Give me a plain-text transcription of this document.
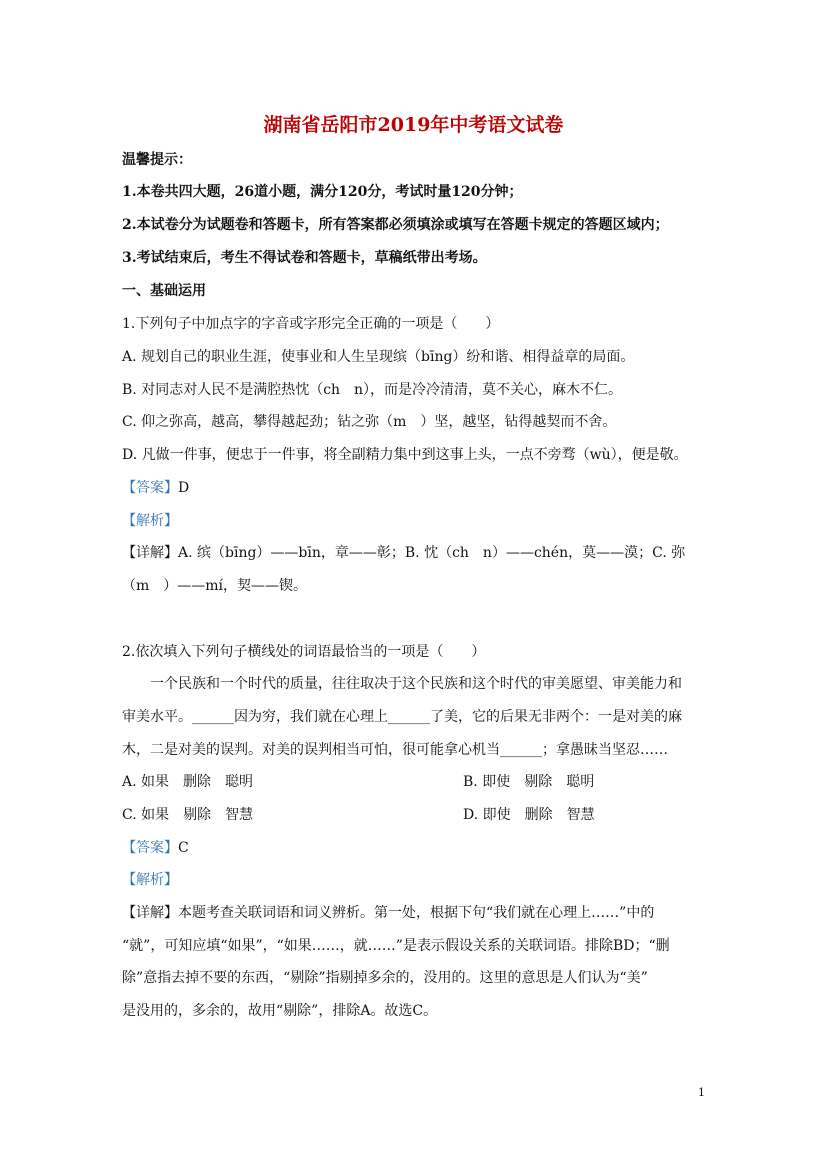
湖南省岳阳市2019年中考语文试卷
温馨提示：
1.本卷共四大题，26道小题，满分120分，考试时量120分钟；
2.本试卷分为试题卷和答题卡，所有答案都必须填涂或填写在答题卡规定的答题区域内；
3.考试结束后，考生不得试卷和答题卡，草稿纸带出考场。
一、基础运用
1.下列句子中加点字的字音或字形完全正确的一项是（　　）
A. 规划自己的职业生涯，使事业和人生呈现缤（bīng）纷和谐、相得益章的局面。
B. 对同志对人民不是满腔热忱（ch　n），而是冷冷清清，莫不关心，麻木不仁。
C. 仰之弥高，越高，攀得越起劲；钻之弥（m　）坚，越坚，钻得越契而不舍。
D. 凡做一件事，便忠于一件事，将全副精力集中到这事上头，一点不旁骛（wù），便是敬。
【答案】D
【解析】
【详解】A. 缤（bīng）——bīn，章——彰；B. 忱（ch　n）——chén，莫——漠；C. 弥
（m　）——mí，契——锲。
2.依次填入下列句子横线处的词语最恰当的一项是（　　）
一个民族和一个时代的质量，往往取决于这个民族和这个时代的审美愿望、审美能力和
审美水平。______因为穷，我们就在心理上______了美，它的后果无非两个：一是对美的麻
木，二是对美的误判。对美的误判相当可怕，很可能拿心机当______；拿愚昧当坚忍……
A. 如果　删除　聪明	B. 即使　剔除　聪明
C. 如果　剔除　智慧	D. 即使　删除　智慧
【答案】C
【解析】
【详解】本题考查关联词语和词义辨析。第一处，根据下句“我们就在心理上……”中的
“就”，可知应填“如果”，“如果……，就……”是表示假设关系的关联词语。排除BD；“删
除”意指去掉不要的东西，“剔除”指剔掉多余的，没用的。这里的意思是人们认为“美”
是没用的，多余的，故用“剔除”，排除A。故选C。
1
